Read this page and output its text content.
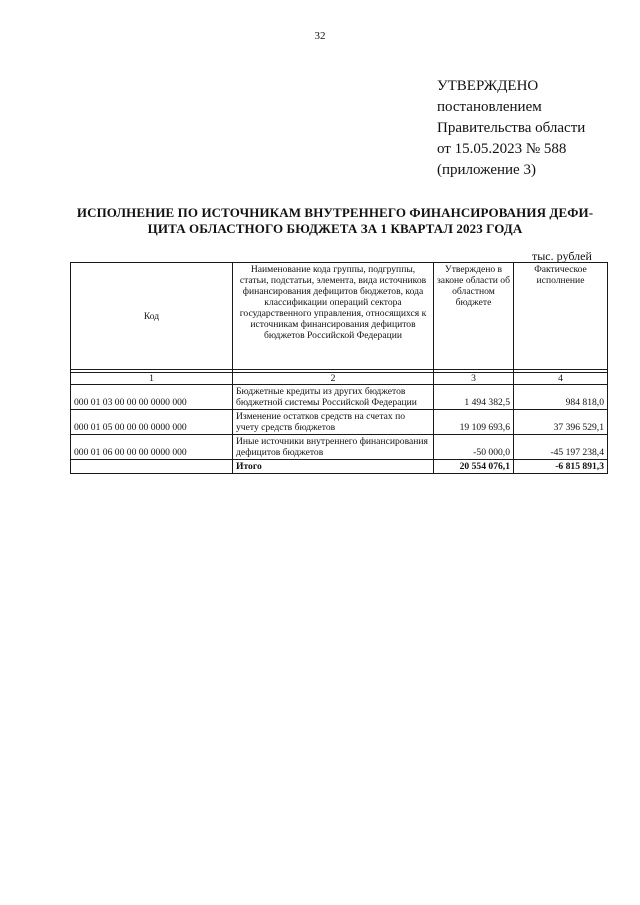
32
УТВЕРЖДЕНО
постановлением
Правительства области
от 15.05.2023 № 588
(приложение 3)
ИСПОЛНЕНИЕ ПО ИСТОЧНИКАМ ВНУТРЕННЕГО ФИНАНСИРОВАНИЯ ДЕФИ-
ЦИТА ОБЛАСТНОГО БЮДЖЕТА ЗА 1 КВАРТАЛ 2023 ГОДА
тыс. рублей
Код	Наименование кода группы, подгруппы, статьи, подстатьи, элемента, вида источников финансирования дефицитов бюджетов, кода классификации операций сектора государственного управления, относящихся к источникам финансирования дефицитов бюджетов Российской Федерации	Утверждено в законе области об областном бюджете	Фактическое исполнение

1	2	3	4
000 01 03 00 00 00 0000 000	Бюджетные кредиты из других бюджетов бюджетной системы Российской Федерации	1 494 382,5	984 818,0
000 01 05 00 00 00 0000 000	Изменение остатков средств на счетах по учету средств бюджетов	19 109 693,6	37 396 529,1
000 01 06 00 00 00 0000 000	Иные источники внутреннего финансирования дефицитов бюджетов	-50 000,0	-45 197 238,4
	Итого	20 554 076,1	-6 815 891,3
